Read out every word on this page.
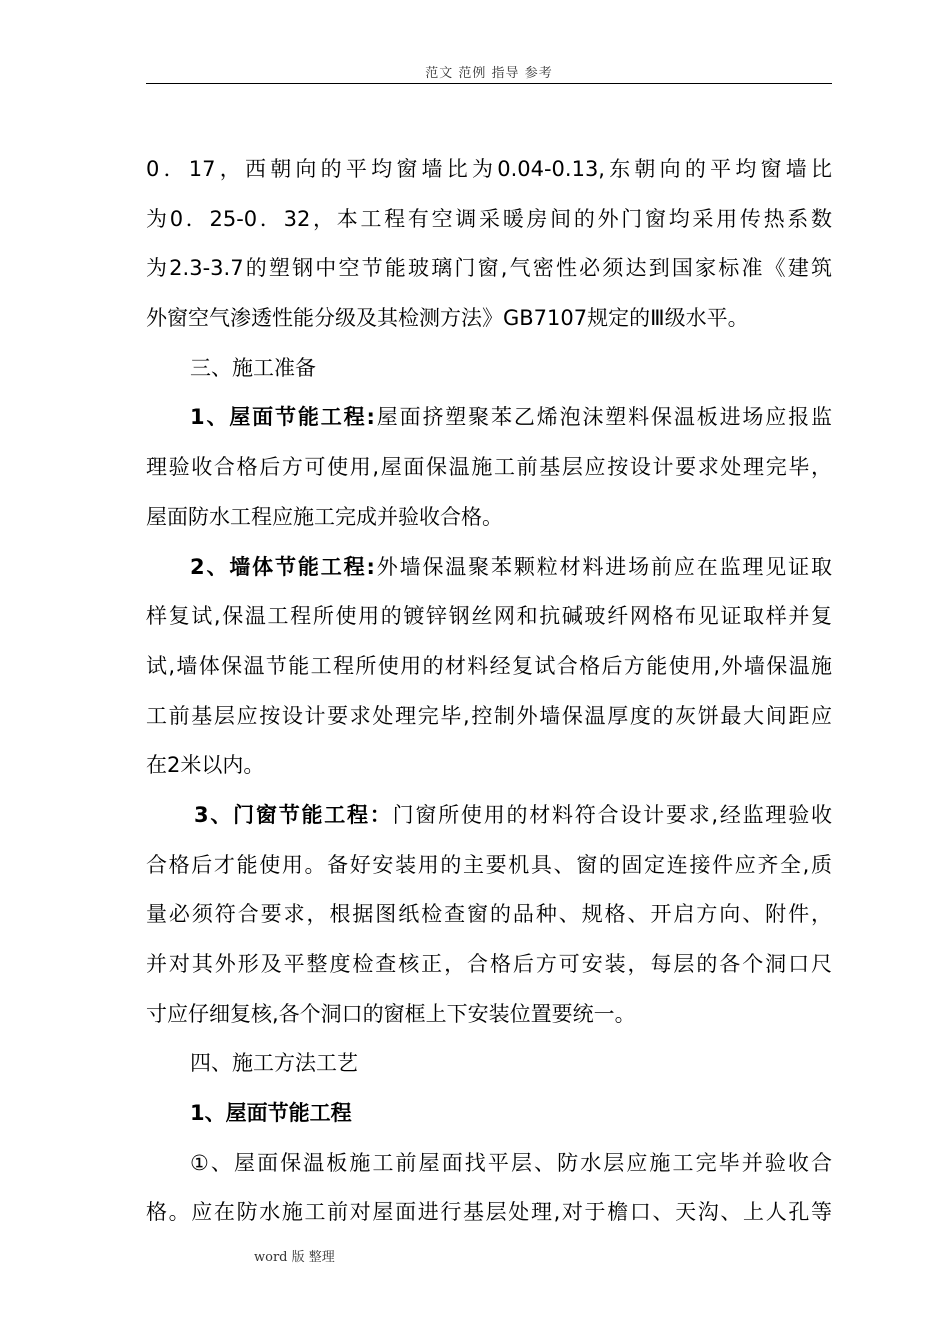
范文 范例 指导 参考
0．17，西朝向的平均窗墙比为0.04-0.13,东朝向的平均窗墙比
为0．25-0．32，本工程有空调采暖房间的外门窗均采用传热系数
为2.3-3.7的塑钢中空节能玻璃门窗,气密性必须达到国家标准《建筑
外窗空气渗透性能分级及其检测方法》GB7107规定的Ⅲ级水平。
三、施工准备
1、屋面节能工程:屋面挤塑聚苯乙烯泡沫塑料保温板进场应报监
理验收合格后方可使用,屋面保温施工前基层应按设计要求处理完毕，
屋面防水工程应施工完成并验收合格。
2、墙体节能工程:外墙保温聚苯颗粒材料进场前应在监理见证取
样复试,保温工程所使用的镀锌钢丝网和抗碱玻纤网格布见证取样并复
试,墙体保温节能工程所使用的材料经复试合格后方能使用,外墙保温施
工前基层应按设计要求处理完毕,控制外墙保温厚度的灰饼最大间距应
在2米以内。
3、门窗节能工程：门窗所使用的材料符合设计要求,经监理验收
合格后才能使用。备好安装用的主要机具、窗的固定连接件应齐全,质
量必须符合要求，根据图纸检查窗的品种、规格、开启方向、附件，
并对其外形及平整度检查核正，合格后方可安装，每层的各个洞口尺
寸应仔细复核,各个洞口的窗框上下安装位置要统一。
四、施工方法工艺
1、屋面节能工程
①、屋面保温板施工前屋面找平层、防水层应施工完毕并验收合
格。应在防水施工前对屋面进行基层处理,对于檐口、天沟、上人孔等
word 版 整理
